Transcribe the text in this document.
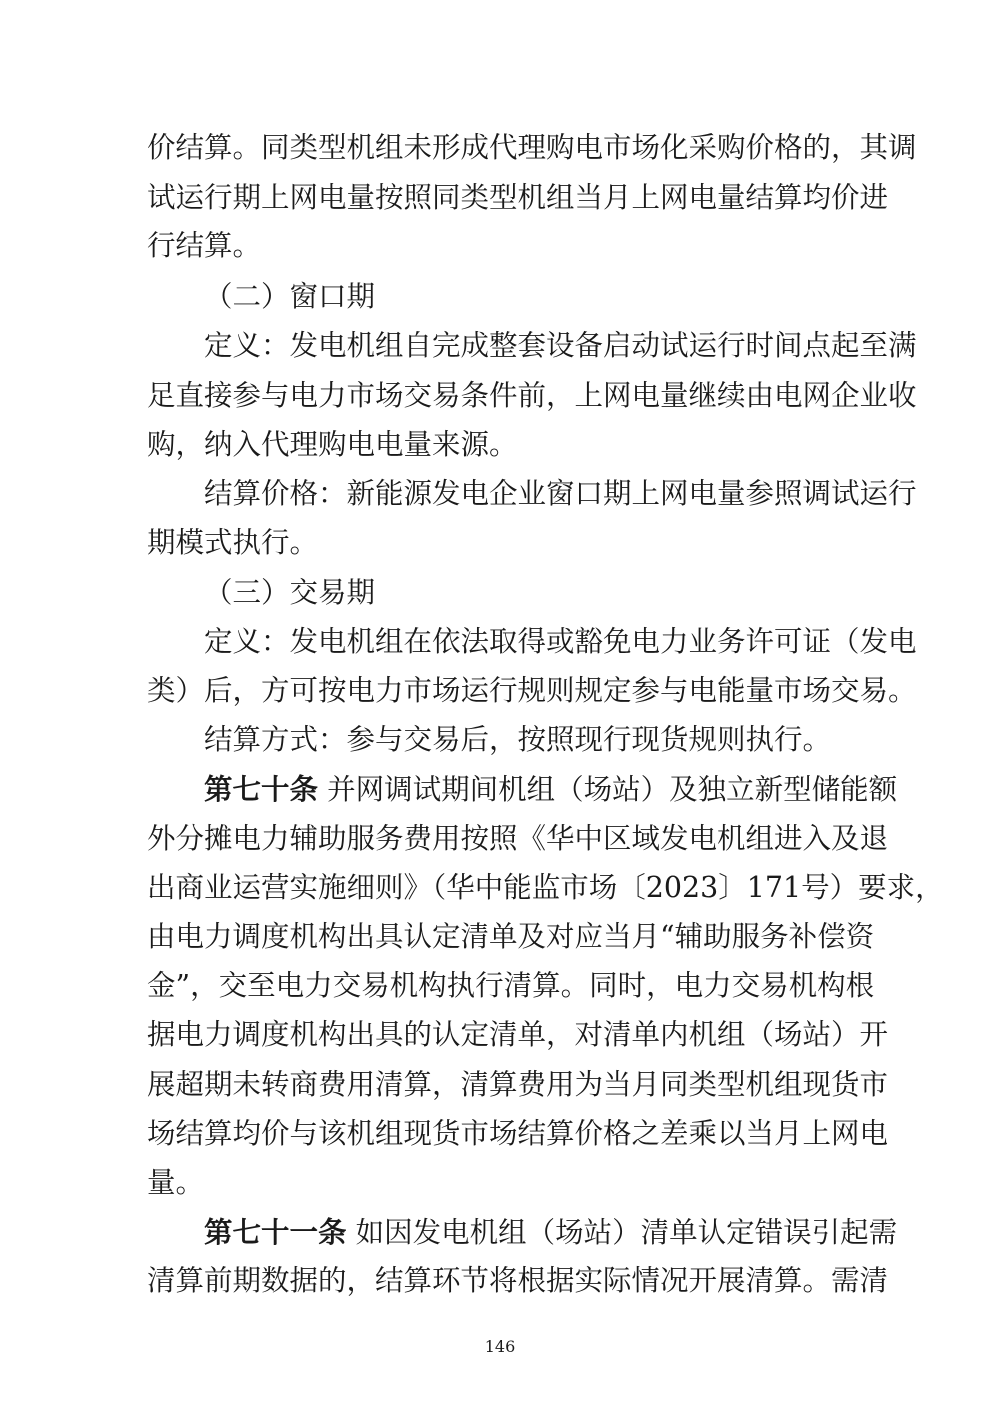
价结算。同类型机组未形成代理购电市场化采购价格的，其调
试运行期上网电量按照同类型机组当月上网电量结算均价进
行结算。
（二）窗口期
定义：发电机组自完成整套设备启动试运行时间点起至满
足直接参与电力市场交易条件前，上网电量继续由电网企业收
购，纳入代理购电电量来源。
结算价格：新能源发电企业窗口期上网电量参照调试运行
期模式执行。
（三）交易期
定义：发电机组在依法取得或豁免电力业务许可证（发电
类）后，方可按电力市场运行规则规定参与电能量市场交易。
结算方式：参与交易后，按照现行现货规则执行。
第七十条 并网调试期间机组（场站）及独立新型储能额
外分摊电力辅助服务费用按照《华中区域发电机组进入及退
出商业运营实施细则》（华中能监市场〔2023〕171号）要求，
由电力调度机构出具认定清单及对应当月“辅助服务补偿资
金”，交至电力交易机构执行清算。同时，电力交易机构根
据电力调度机构出具的认定清单，对清单内机组（场站）开
展超期未转商费用清算，清算费用为当月同类型机组现货市
场结算均价与该机组现货市场结算价格之差乘以当月上网电
量。
第七十一条 如因发电机组（场站）清单认定错误引起需
清算前期数据的，结算环节将根据实际情况开展清算。需清
146
